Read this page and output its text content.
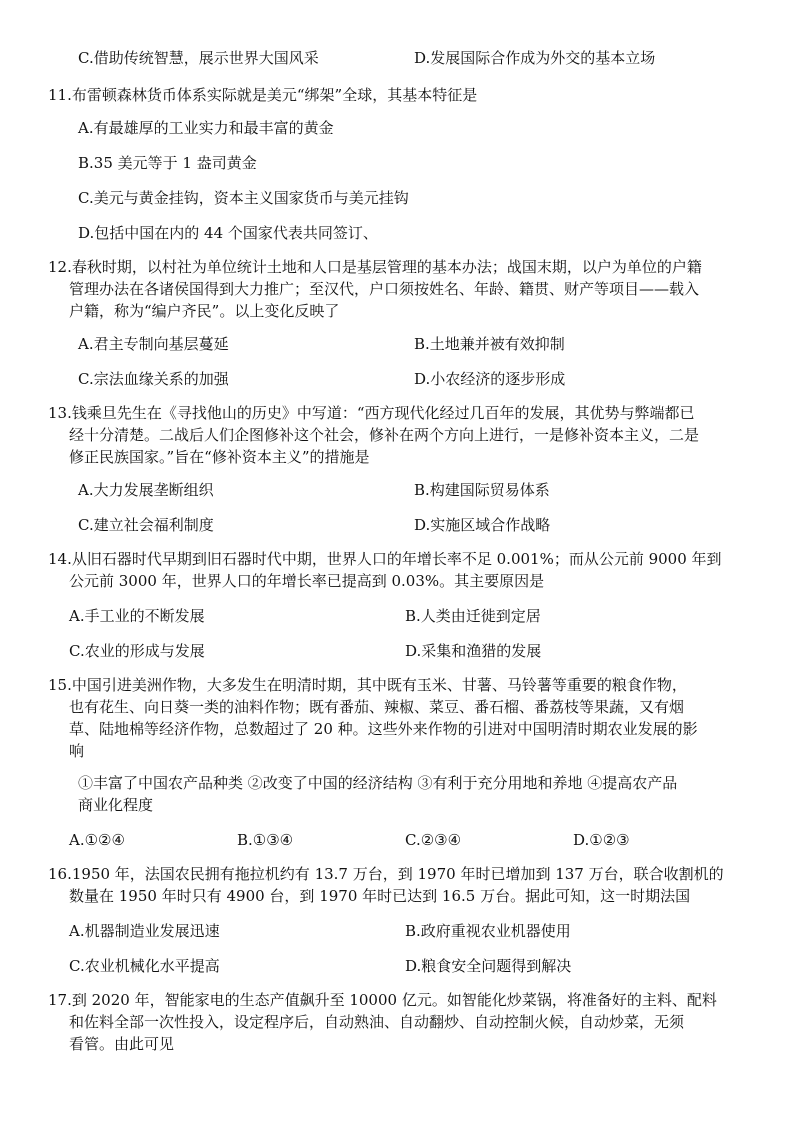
C.借助传统智慧，展示世界大国风采	D.发展国际合作成为外交的基本立场
11.布雷顿森林货币体系实际就是美元“绑架”全球，其基本特征是
A.有最雄厚的工业实力和最丰富的黄金
B.35 美元等于 1 盎司黄金
C.美元与黄金挂钩，资本主义国家货币与美元挂钩
D.包括中国在内的 44 个国家代表共同签订、
12.春秋时期，以村社为单位统计土地和人口是基层管理的基本办法；战国末期，以户为单位的户籍
管理办法在各诸侯国得到大力推广；至汉代，户口须按姓名、年龄、籍贯、财产等项目——载入
户籍，称为“编户齐民”。以上变化反映了
A.君主专制向基层蔓延	B.土地兼并被有效抑制
C.宗法血缘关系的加强	D.小农经济的逐步形成
13.钱乘旦先生在《寻找他山的历史》中写道：“西方现代化经过几百年的发展，其优势与弊端都已
经十分清楚。二战后人们企图修补这个社会，修补在两个方向上进行，一是修补资本主义，二是
修正民族国家。”旨在“修补资本主义”的措施是
A.大力发展垄断组织	B.构建国际贸易体系
C.建立社会福利制度	D.实施区域合作战略
14.从旧石器时代早期到旧石器时代中期，世界人口的年增长率不足 0.001%；而从公元前 9000 年到
公元前 3000 年，世界人口的年增长率已提高到 0.03%。其主要原因是
A.手工业的不断发展	B.人类由迁徙到定居
C.农业的形成与发展	D.采集和渔猎的发展
15.中国引进美洲作物，大多发生在明清时期，其中既有玉米、甘薯、马铃薯等重要的粮食作物，
也有花生、向日葵一类的油料作物；既有番茄、辣椒、菜豆、番石榴、番荔枝等果蔬，又有烟
草、陆地棉等经济作物，总数超过了 20 种。这些外来作物的引进对中国明清时期农业发展的影
响
①丰富了中国农产品种类 ②改变了中国的经济结构 ③有利于充分用地和养地 ④提高农产品
商业化程度
A.①②④	B.①③④	C.②③④	D.①②③
16.1950 年，法国农民拥有拖拉机约有 13.7 万台，到 1970 年时已增加到 137 万台，联合收割机的
数量在 1950 年时只有 4900 台，到 1970 年时已达到 16.5 万台。据此可知，这一时期法国
A.机器制造业发展迅速	B.政府重视农业机器使用
C.农业机械化水平提高	D.粮食安全问题得到解决
17.到 2020 年，智能家电的生态产值飙升至 10000 亿元。如智能化炒菜锅，将准备好的主料、配料
和佐料全部一次性投入，设定程序后，自动熟油、自动翻炒、自动控制火候，自动炒菜，无须
看管。由此可见
